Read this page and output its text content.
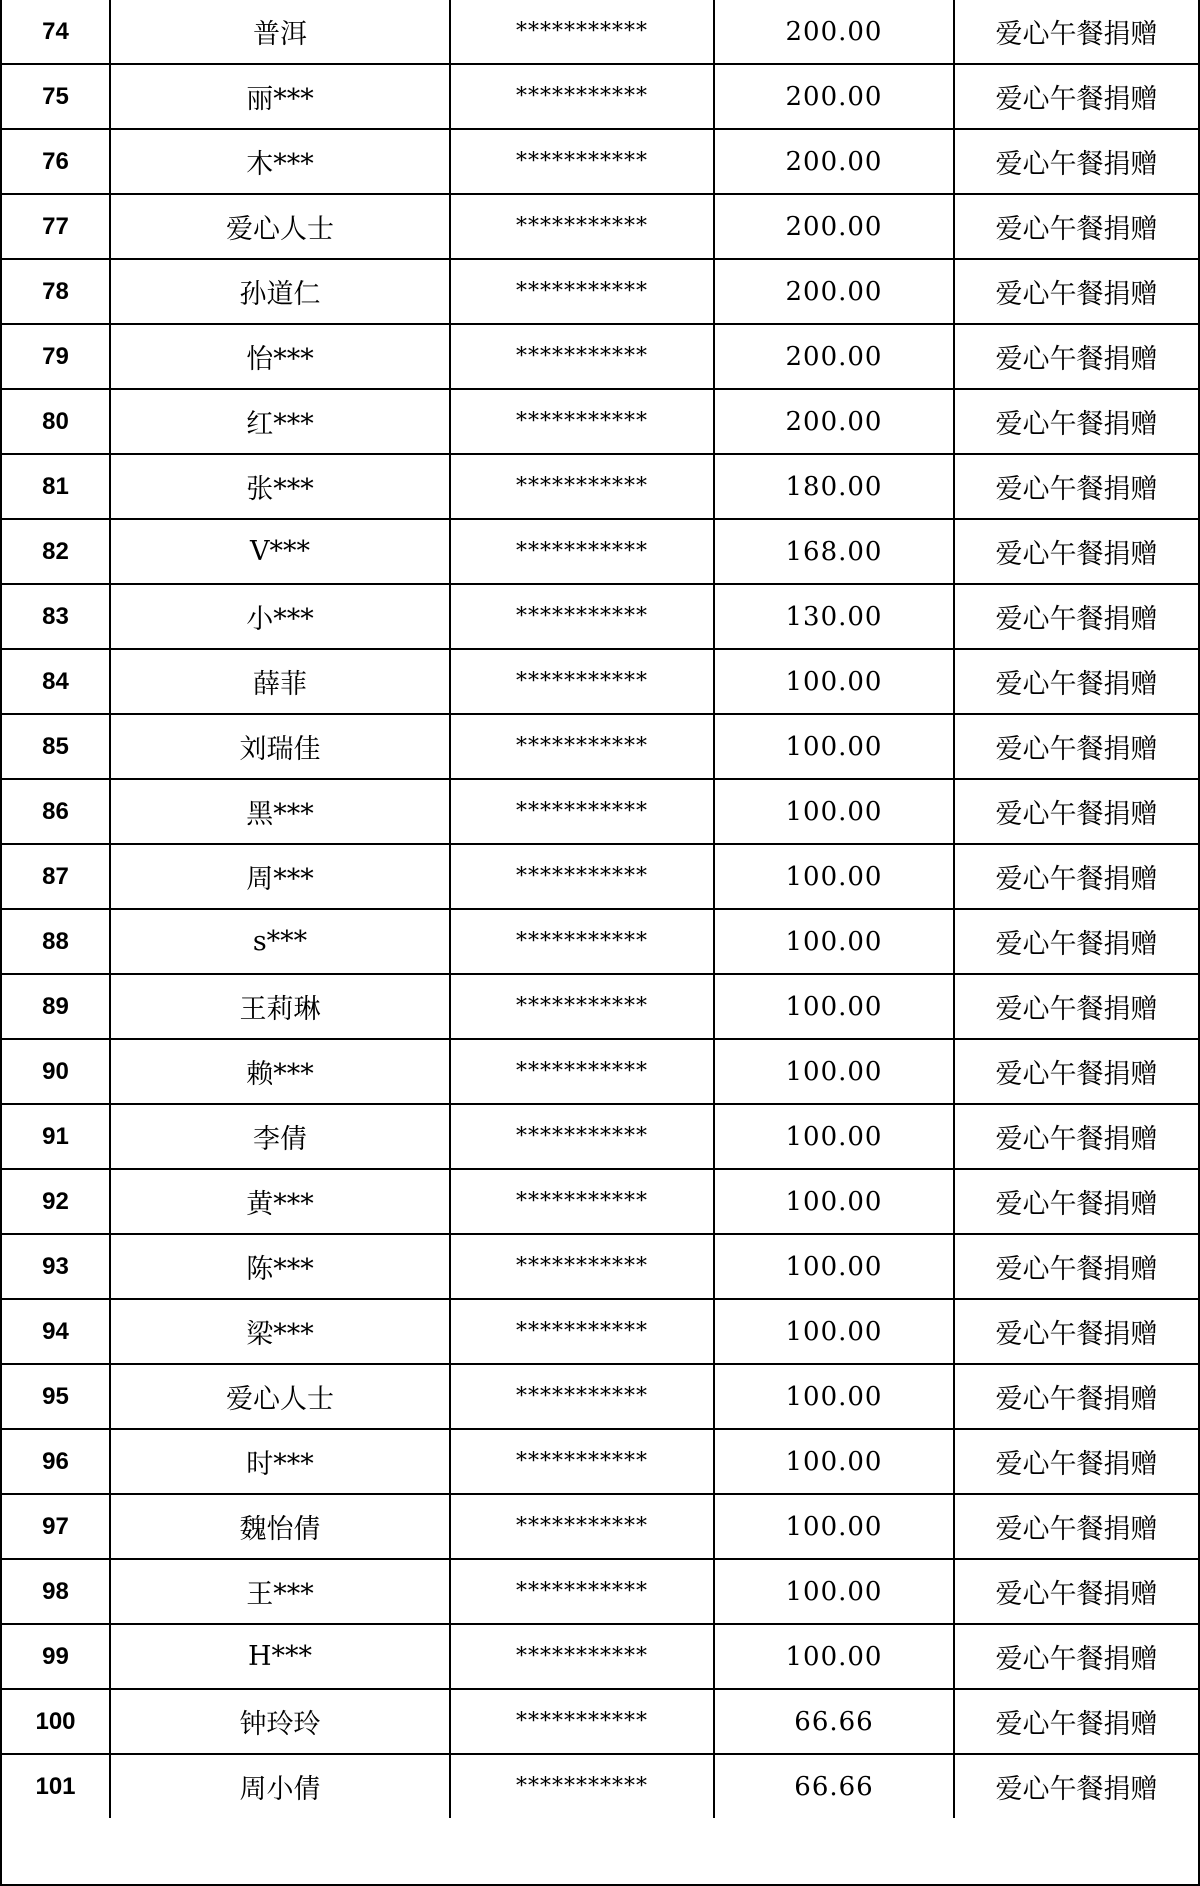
74	普洱	***********	200.00	爱心午餐捐赠
75	丽***	***********	200.00	爱心午餐捐赠
76	木***	***********	200.00	爱心午餐捐赠
77	爱心人士	***********	200.00	爱心午餐捐赠
78	孙道仁	***********	200.00	爱心午餐捐赠
79	怡***	***********	200.00	爱心午餐捐赠
80	红***	***********	200.00	爱心午餐捐赠
81	张***	***********	180.00	爱心午餐捐赠
82	V***	***********	168.00	爱心午餐捐赠
83	小***	***********	130.00	爱心午餐捐赠
84	薛菲	***********	100.00	爱心午餐捐赠
85	刘瑞佳	***********	100.00	爱心午餐捐赠
86	黑***	***********	100.00	爱心午餐捐赠
87	周***	***********	100.00	爱心午餐捐赠
88	s***	***********	100.00	爱心午餐捐赠
89	王莉琳	***********	100.00	爱心午餐捐赠
90	赖***	***********	100.00	爱心午餐捐赠
91	李倩	***********	100.00	爱心午餐捐赠
92	黄***	***********	100.00	爱心午餐捐赠
93	陈***	***********	100.00	爱心午餐捐赠
94	梁***	***********	100.00	爱心午餐捐赠
95	爱心人士	***********	100.00	爱心午餐捐赠
96	时***	***********	100.00	爱心午餐捐赠
97	魏怡倩	***********	100.00	爱心午餐捐赠
98	王***	***********	100.00	爱心午餐捐赠
99	H***	***********	100.00	爱心午餐捐赠
100	钟玲玲	***********	66.66	爱心午餐捐赠
101	周小倩	***********	66.66	爱心午餐捐赠
